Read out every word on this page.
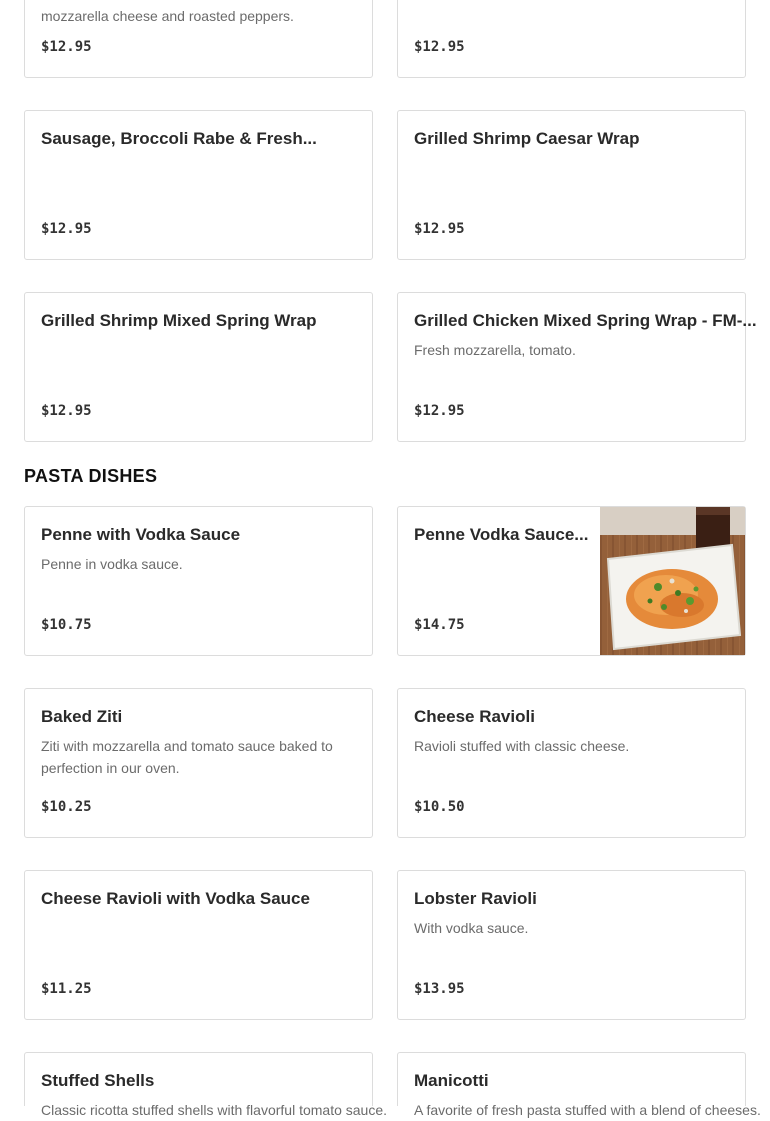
mozzarella cheese and roasted peppers.
$12.95	$12.95
Sausage, Broccoli Rabe & Fresh...
$12.95
Grilled Shrimp Caesar Wrap
$12.95
Grilled Shrimp Mixed Spring Wrap
$12.95
Grilled Chicken Mixed Spring Wrap - FM-...
Fresh mozzarella, tomato.
$12.95
PASTA DISHES
Penne with Vodka Sauce
Penne in vodka sauce.
$10.75
Penne Vodka Sauce...
$14.75
Baked Ziti
Ziti with mozzarella and tomato sauce baked to perfection in our oven.
$10.25
Cheese Ravioli
Ravioli stuffed with classic cheese.
$10.50
Cheese Ravioli with Vodka Sauce
$11.25
Lobster Ravioli
With vodka sauce.
$13.95
Stuffed Shells
Classic ricotta stuffed shells with flavorful tomato sauce.
Manicotti
A favorite of fresh pasta stuffed with a blend of cheeses.
